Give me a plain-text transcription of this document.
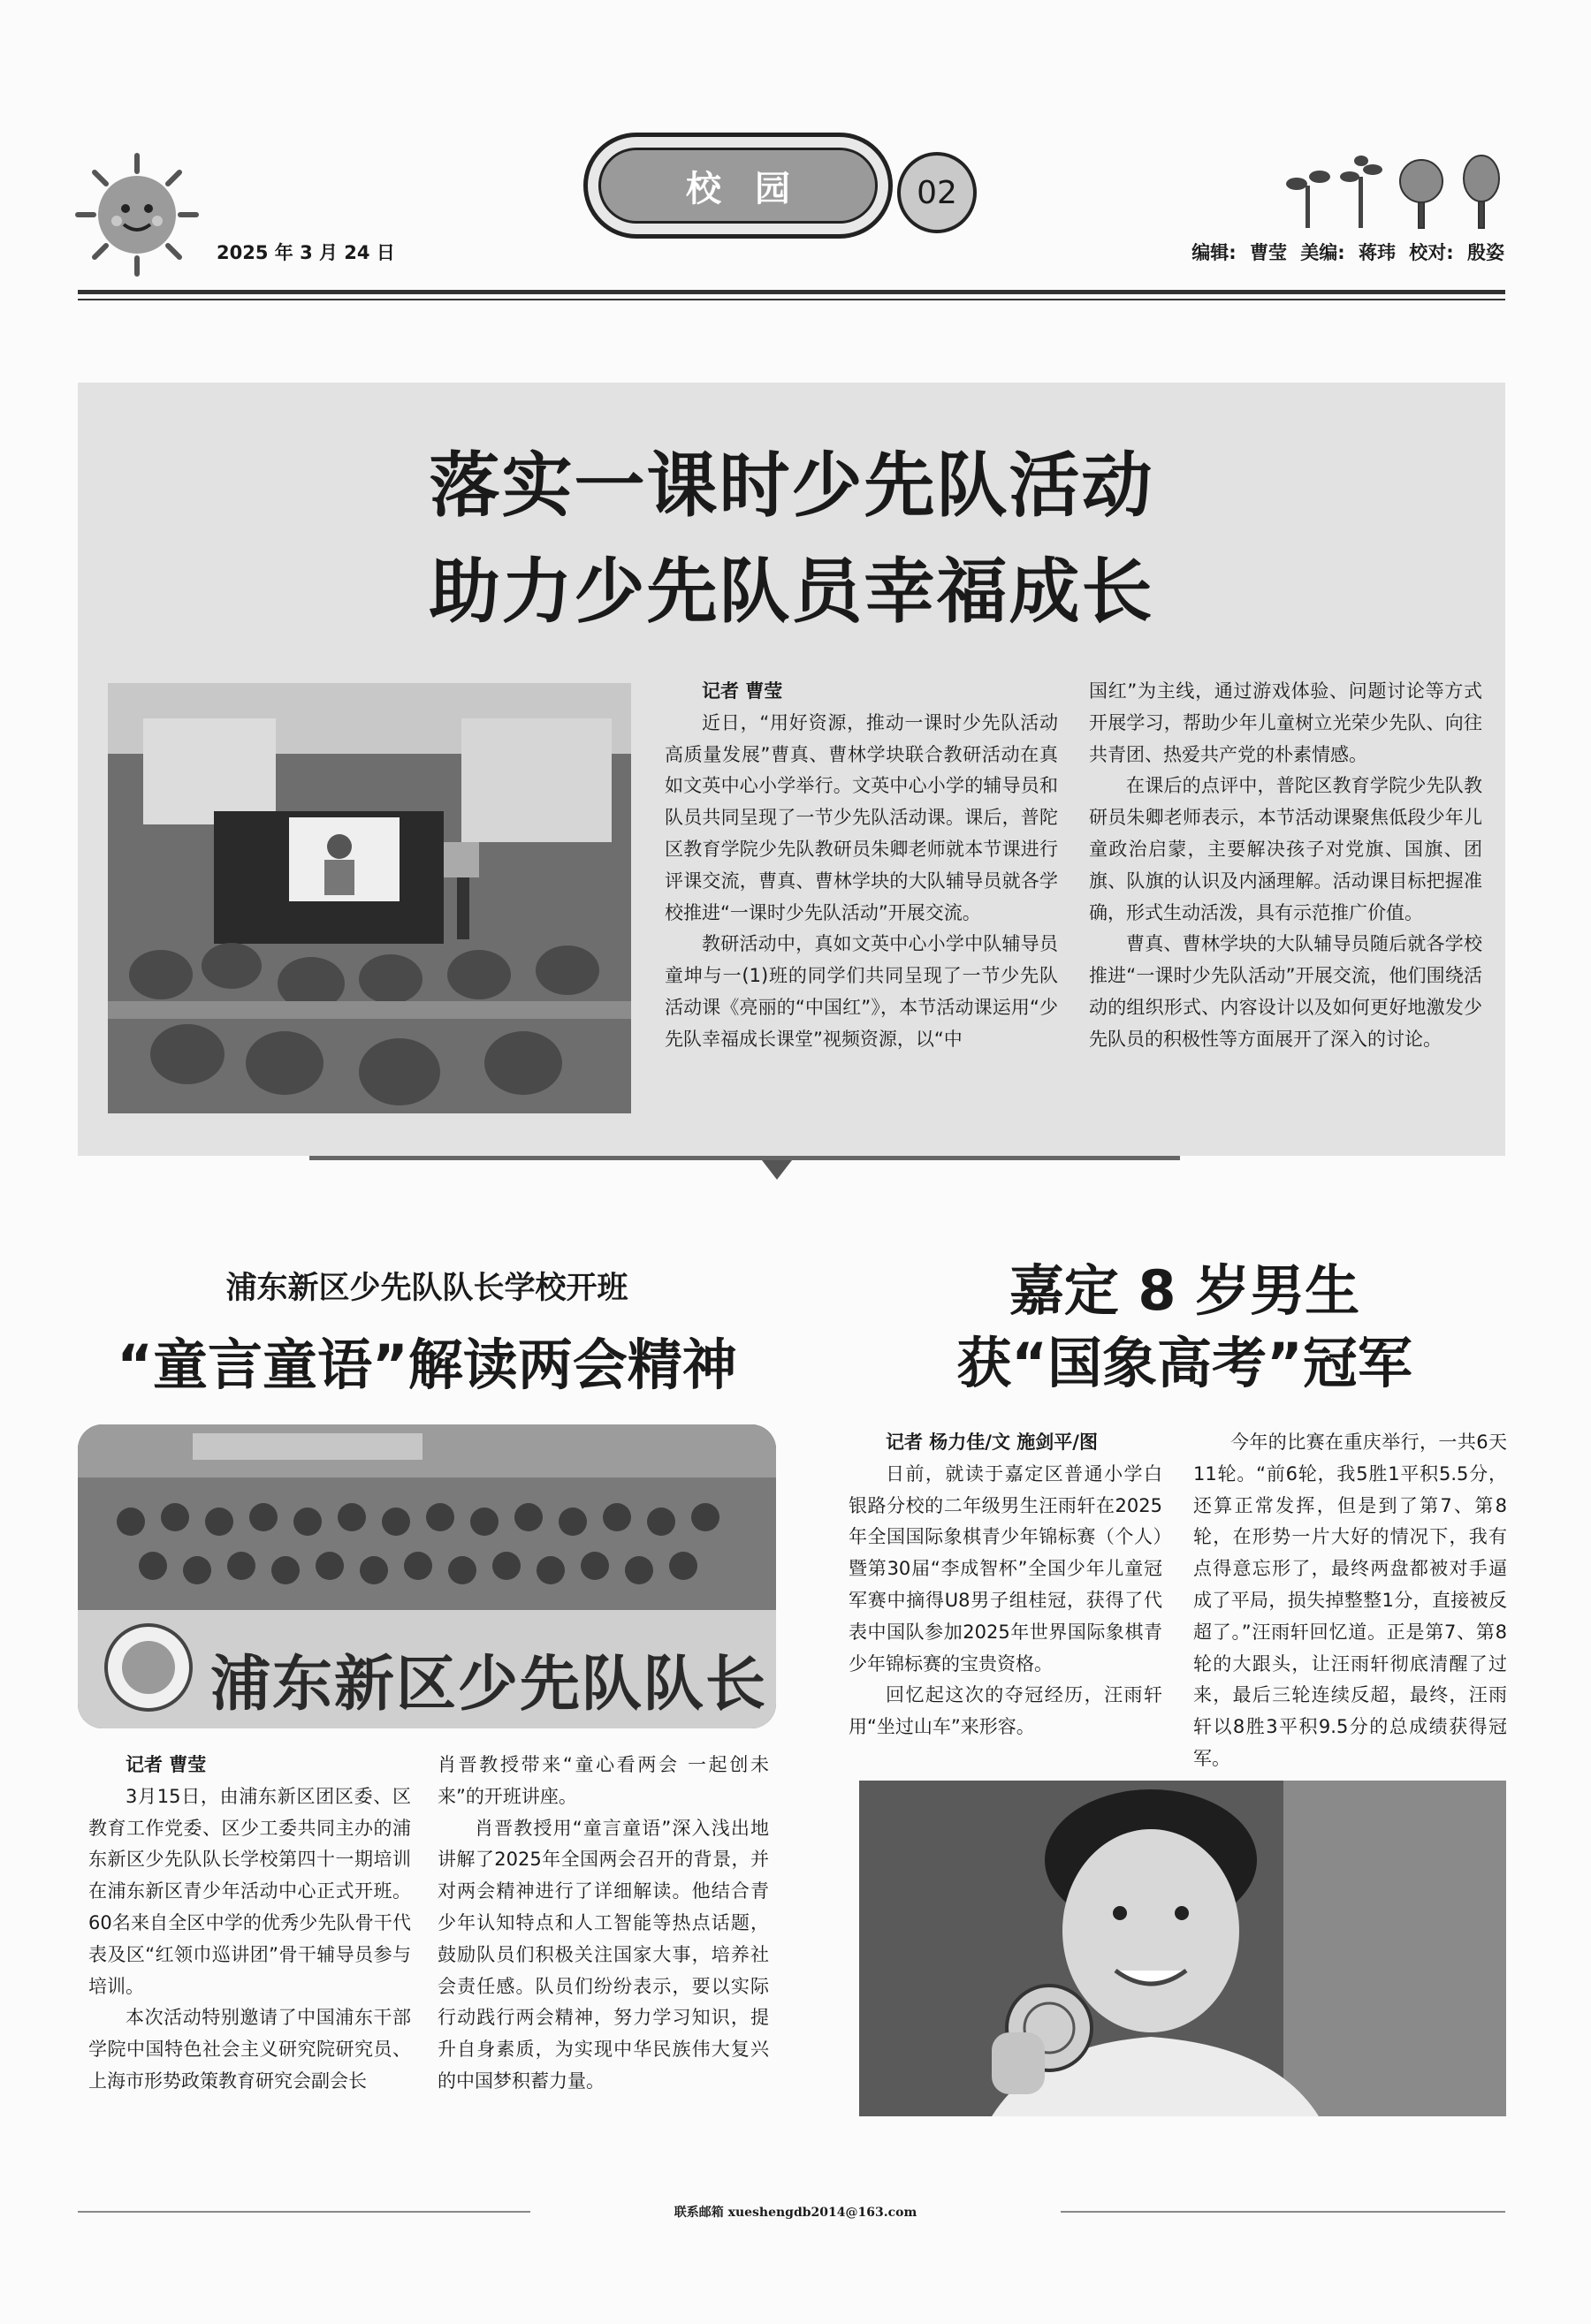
校园	02
2025 年 3 月 24 日	编辑: 曹莹 美编: 蒋玮 校对: 殷姿
落实一课时少先队活动
助力少先队员幸福成长

记者 曹莹

近日，“用好资源，推动一课时少先队活动高质量发展”曹真、曹林学块联合教研活动在真如文英中心小学举行。文英中心小学的辅导员和队员共同呈现了一节少先队活动课。课后，普陀区教育学院少先队教研员朱卿老师就本节课进行评课交流，曹真、曹林学块的大队辅导员就各学校推进“一课时少先队活动”开展交流。

教研活动中，真如文英中心小学中队辅导员童坤与一(1)班的同学们共同呈现了一节少先队活动课《亮丽的“中国红”》，本节活动课运用“少先队幸福成长课堂”视频资源，以“中

国红”为主线，通过游戏体验、问题讨论等方式开展学习，帮助少年儿童树立光荣少先队、向往共青团、热爱共产党的朴素情感。

在课后的点评中，普陀区教育学院少先队教研员朱卿老师表示，本节活动课聚焦低段少年儿童政治启蒙，主要解决孩子对党旗、国旗、团旗、队旗的认识及内涵理解。活动课目标把握准确，形式生动活泼，具有示范推广价值。

曹真、曹林学块的大队辅导员随后就各学校推进“一课时少先队活动”开展交流，他们围绕活动的组织形式、内容设计以及如何更好地激发少先队员的积极性等方面展开了深入的讨论。

浦东新区少先队队长学校开班
“童言童语”解读两会精神
浦东新区少先队队长

记者 曹莹

3月15日，由浦东新区团区委、区教育工作党委、区少工委共同主办的浦东新区少先队队长学校第四十一期培训在浦东新区青少年活动中心正式开班。60名来自全区中学的优秀少先队骨干代表及区“红领巾巡讲团”骨干辅导员参与培训。

本次活动特别邀请了中国浦东干部学院中国特色社会主义研究院研究员、上海市形势政策教育研究会副会长

肖晋教授带来“童心看两会 一起创未来”的开班讲座。

肖晋教授用“童言童语”深入浅出地讲解了2025年全国两会召开的背景，并对两会精神进行了详细解读。他结合青少年认知特点和人工智能等热点话题，鼓励队员们积极关注国家大事，培养社会责任感。队员们纷纷表示，要以实际行动践行两会精神，努力学习知识，提升自身素质，为实现中华民族伟大复兴的中国梦积蓄力量。

嘉定 8 岁男生
获“国象高考”冠军

记者 杨力佳/文 施剑平/图

日前，就读于嘉定区普通小学白银路分校的二年级男生汪雨轩在2025年全国国际象棋青少年锦标赛（个人）暨第30届“李成智杯”全国少年儿童冠军赛中摘得U8男子组桂冠，获得了代表中国队参加2025年世界国际象棋青少年锦标赛的宝贵资格。

回忆起这次的夺冠经历，汪雨轩用“坐过山车”来形容。

今年的比赛在重庆举行，一共6天11轮。“前6轮，我5胜1平积5.5分，还算正常发挥，但是到了第7、第8轮，在形势一片大好的情况下，我有点得意忘形了，最终两盘都被对手逼成了平局，损失掉整整1分，直接被反超了。”汪雨轩回忆道。正是第7、第8轮的大跟头，让汪雨轩彻底清醒了过来，最后三轮连续反超，最终，汪雨轩以8胜3平积9.5分的总成绩获得冠军。

联系邮箱 xueshengdb2014@163.com
